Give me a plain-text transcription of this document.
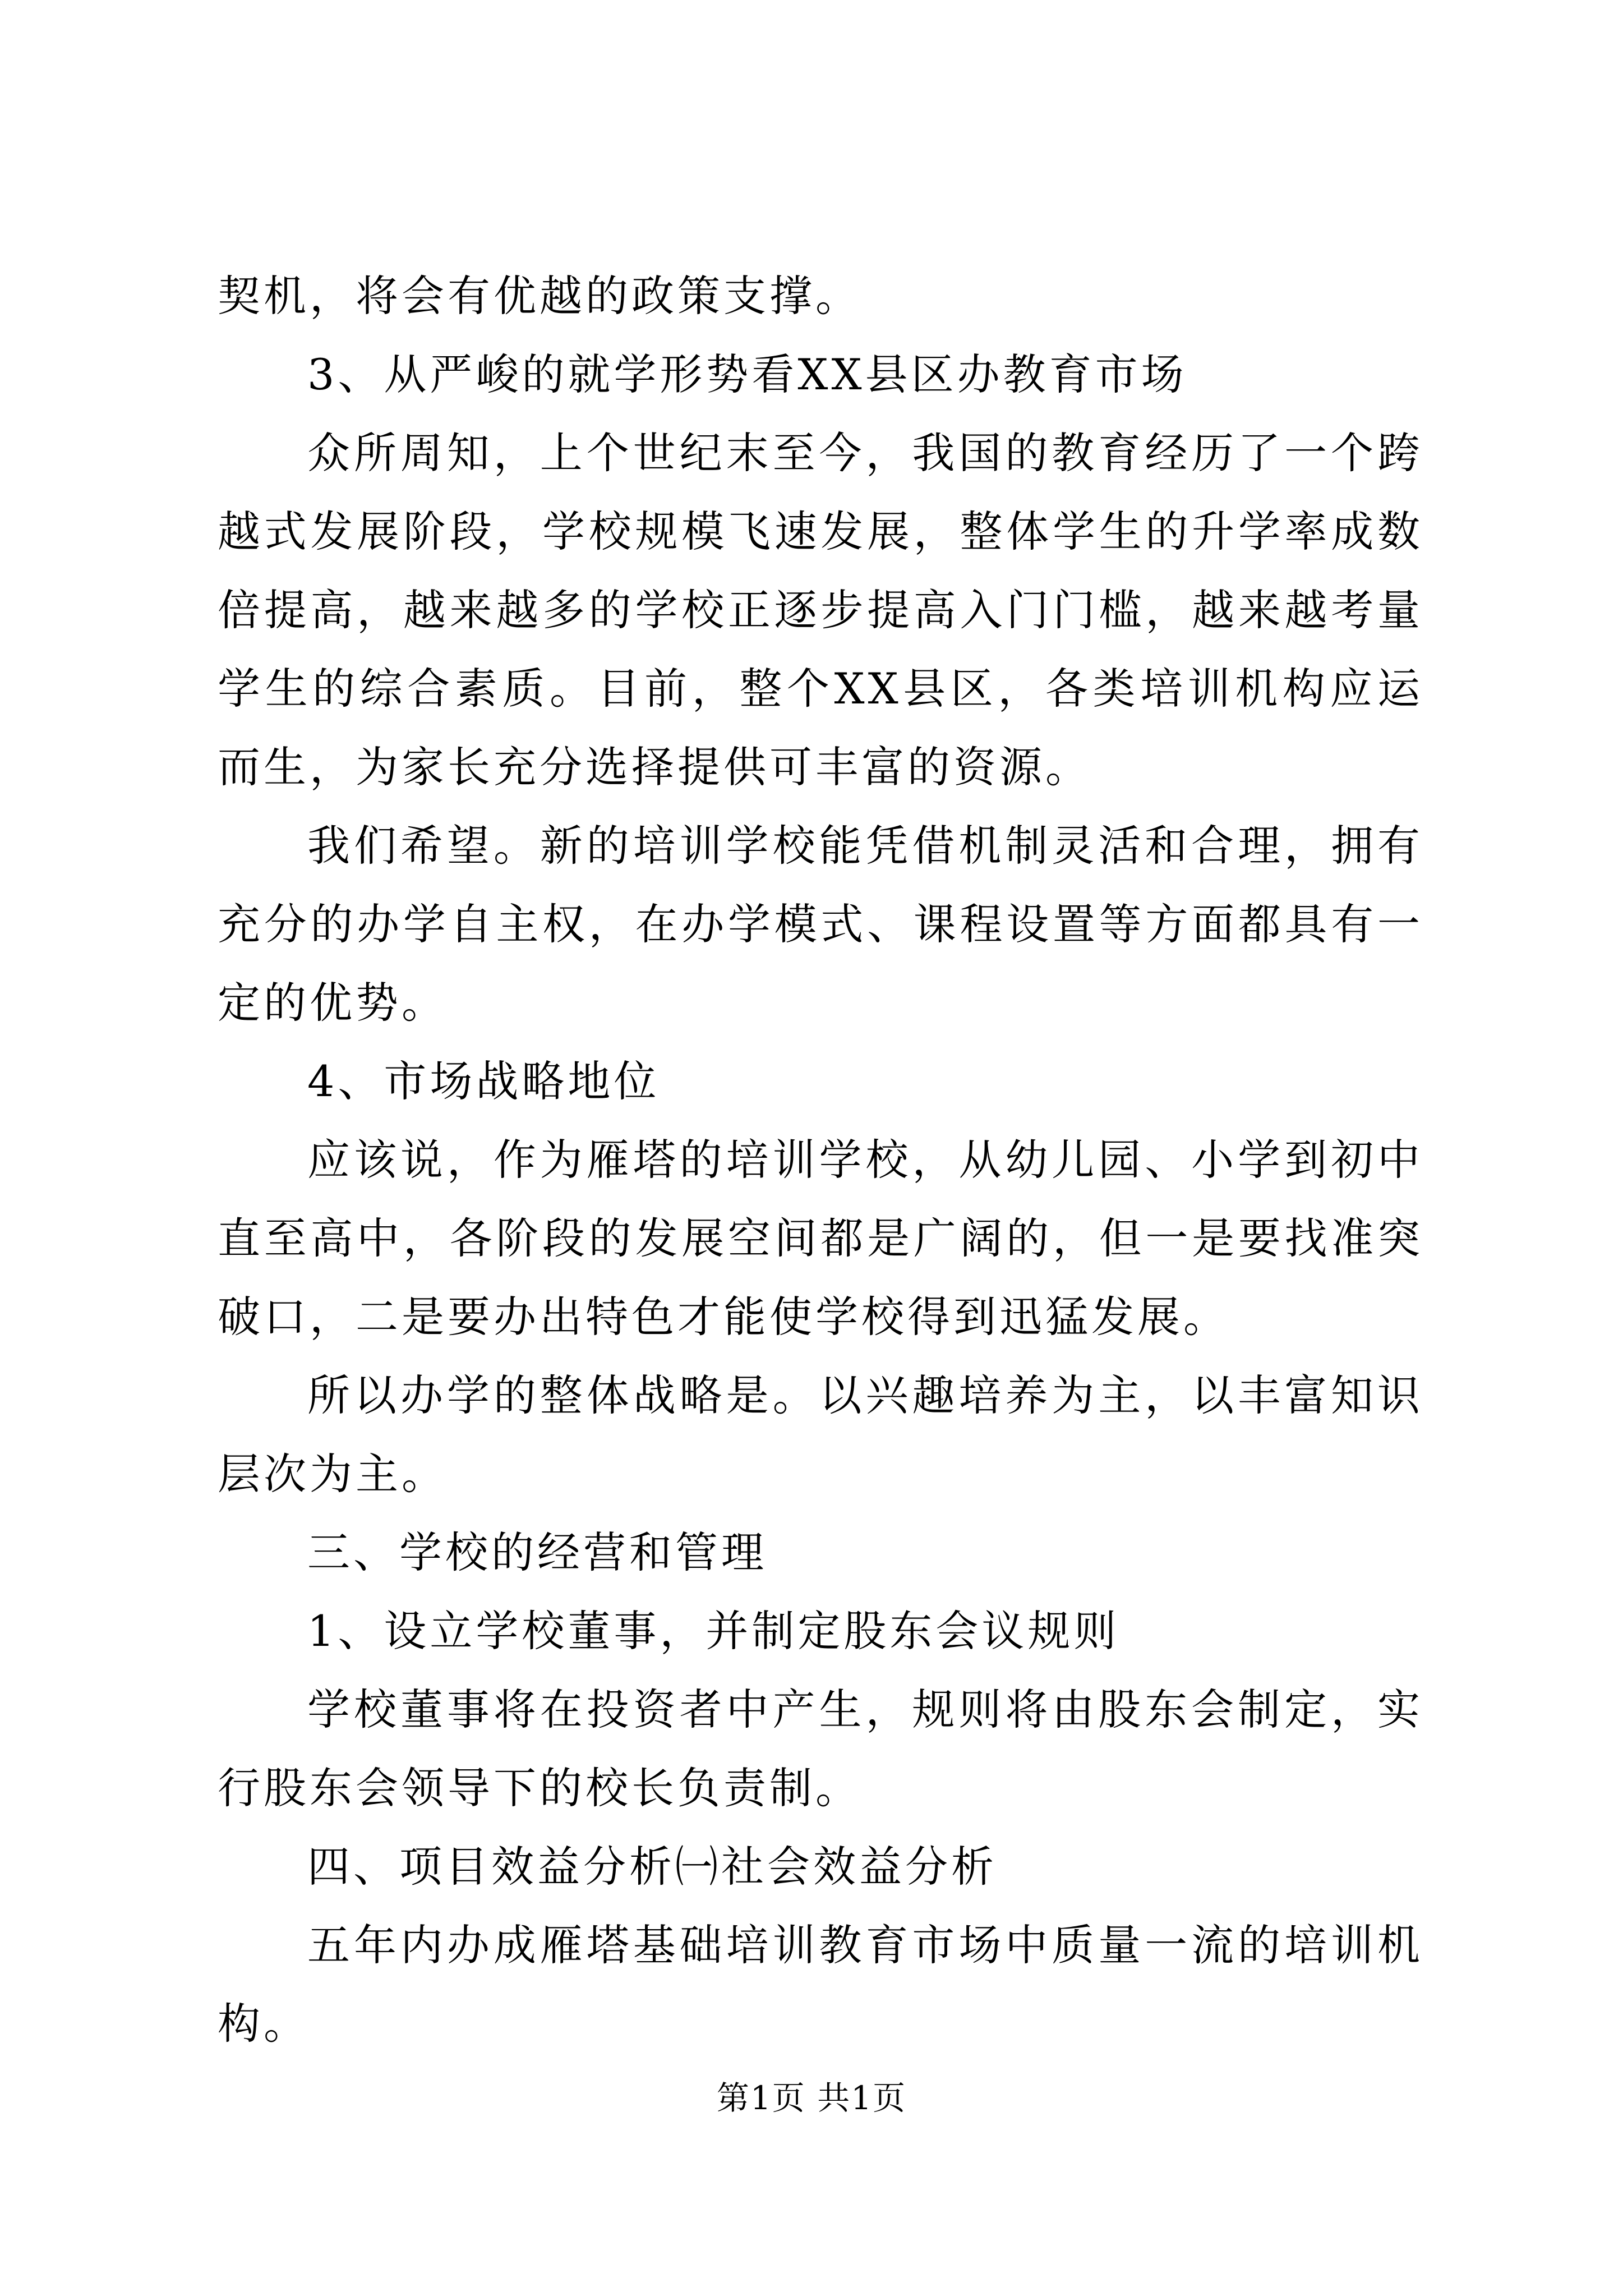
契机，将会有优越的政策支撑。

3、从严峻的就学形势看XX县区办教育市场

众所周知，上个世纪末至今，我国的教育经历了一个跨越式发展阶段，学校规模飞速发展，整体学生的升学率成数倍提高，越来越多的学校正逐步提高入门门槛，越来越考量学生的综合素质。目前，整个XX县区，各类培训机构应运而生，为家长充分选择提供可丰富的资源。

我们希望。新的培训学校能凭借机制灵活和合理，拥有充分的办学自主权，在办学模式、课程设置等方面都具有一定的优势。

4、市场战略地位

应该说，作为雁塔的培训学校，从幼儿园、小学到初中直至高中，各阶段的发展空间都是广阔的，但一是要找准突破口，二是要办出特色才能使学校得到迅猛发展。

所以办学的整体战略是。以兴趣培养为主，以丰富知识层次为主。

三、学校的经营和管理

1、设立学校董事，并制定股东会议规则

学校董事将在投资者中产生，规则将由股东会制定，实行股东会领导下的校长负责制。

四、项目效益分析㈠社会效益分析

五年内办成雁塔基础培训教育市场中质量一流的培训机构。

第1页 共1页
